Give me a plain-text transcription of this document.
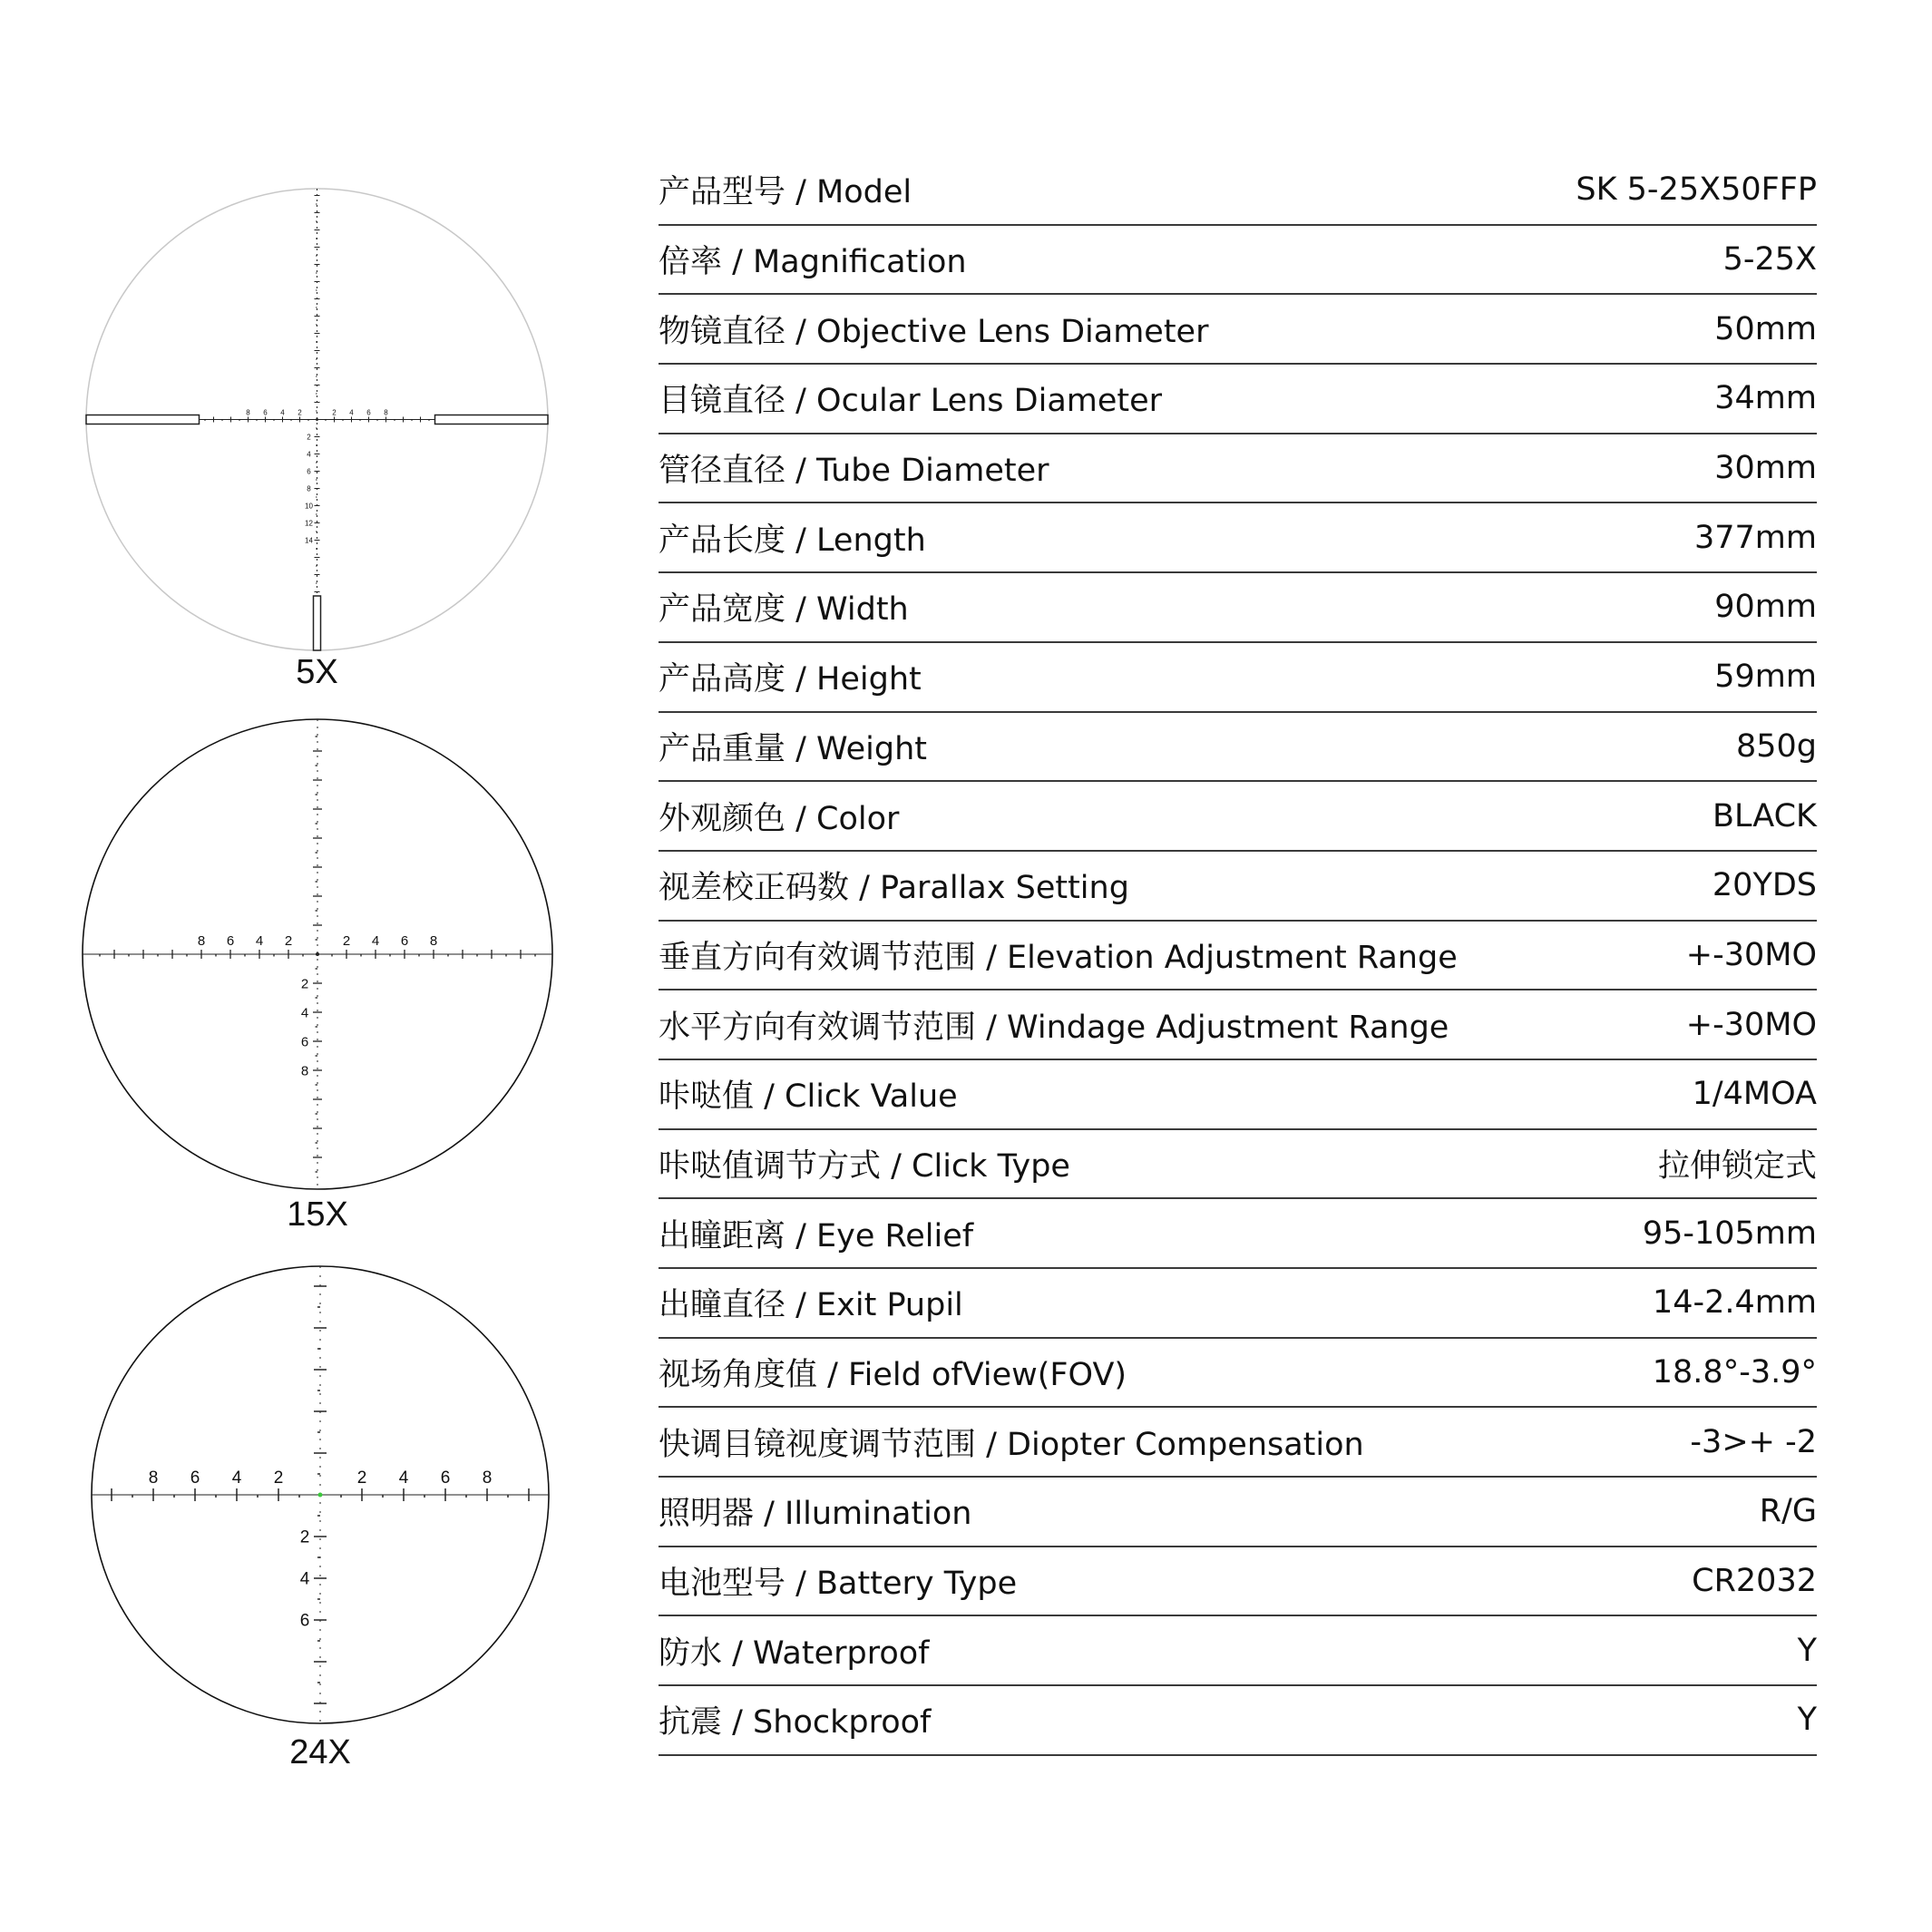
8 6 4 2	2 4 6 8
2
4
6
8
10
12
14
5X
8 6 4 2	2 4 6 8
2
4
6
8
15X
8 6 4 2	2 4 6 8
2
4
6
24X
产品型号 / Model	SK 5-25X50FFP
倍率 / Magnification	5-25X
物镜直径 / Objective Lens Diameter	50mm
目镜直径 / Ocular Lens Diameter	34mm
管径直径 / Tube Diameter	30mm
产品长度 / Length	377mm
产品宽度 / Width	90mm
产品高度 / Height	59mm
产品重量 / Weight	850g
外观颜色 / Color	BLACK
视差校正码数 / Parallax Setting	20YDS
垂直方向有效调节范围 / Elevation Adjustment Range	+-30MO
水平方向有效调节范围 / Windage Adjustment Range	+-30MO
咔哒值 / Click Value	1/4MOA
咔哒值调节方式 / Click Type	拉伸锁定式
出瞳距离 / Eye Relief	95-105mm
出瞳直径 / Exit Pupil	14-2.4mm
视场角度值 / Field ofView(FOV)	18.8°-3.9°
快调目镜视度调节范围 / Diopter Compensation	-3>+ -2
照明器 / Illumination	R/G
电池型号 / Battery Type	CR2032
防水 / Waterproof	Y
抗震 / Shockproof	Y
